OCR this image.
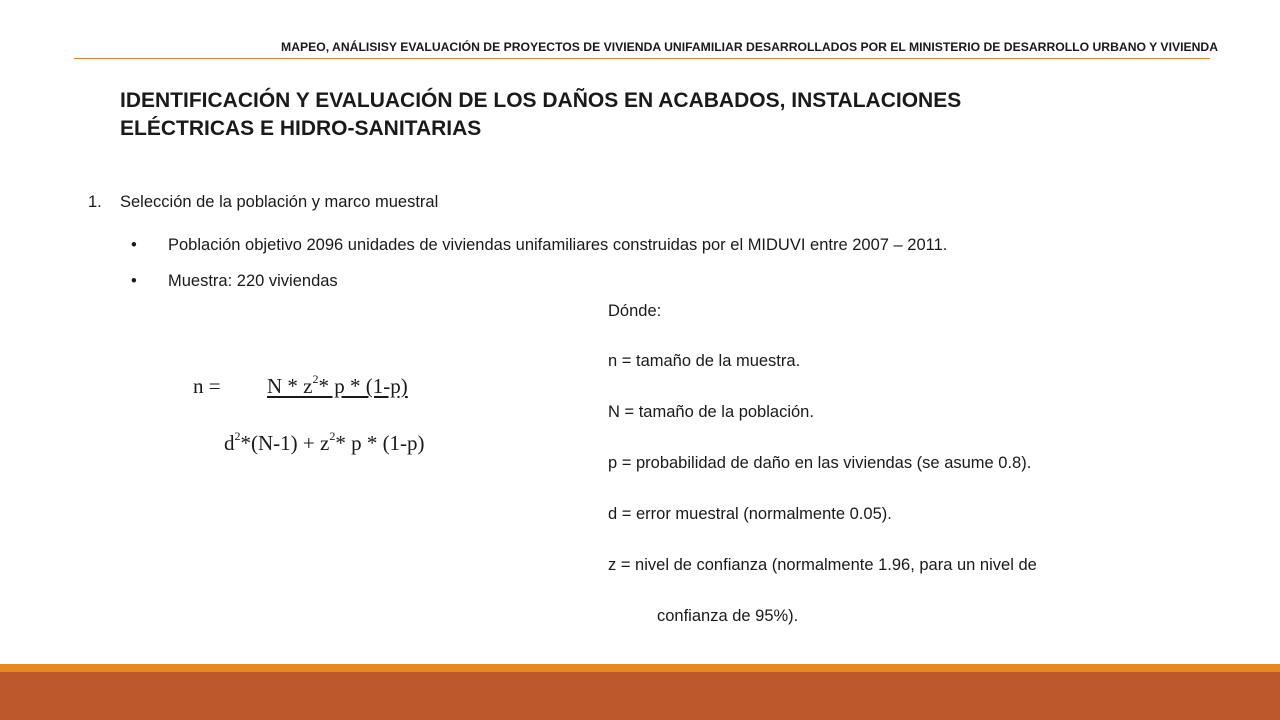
MAPEO, ANÁLISISY EVALUACIÓN DE PROYECTOS DE VIVIENDA UNIFAMILIAR DESARROLLADOS POR EL MINISTERIO DE DESARROLLO URBANO Y VIVIENDA
IDENTIFICACIÓN Y EVALUACIÓN DE LOS DAÑOS EN ACABADOS, INSTALACIONES
ELÉCTRICAS E HIDRO-SANITARIAS
1. Selección de la población y marco muestral
• Población objetivo 2096 unidades de viviendas unifamiliares construidas por el MIDUVI entre 2007 – 2011.
• Muestra: 220 viviendas
$n = N * z^2*$ p * (1-p)
$d^2*(N-1) + z^2*$ p * (1-p)
Dónde:
n = tamaño de la muestra.
N = tamaño de la población.
p = probabilidad de daño en las viviendas (se asume 0.8).
d = error muestral (normalmente 0.05).
z = nivel de confianza (normalmente 1.96, para un nivel de
confianza de 95%).
